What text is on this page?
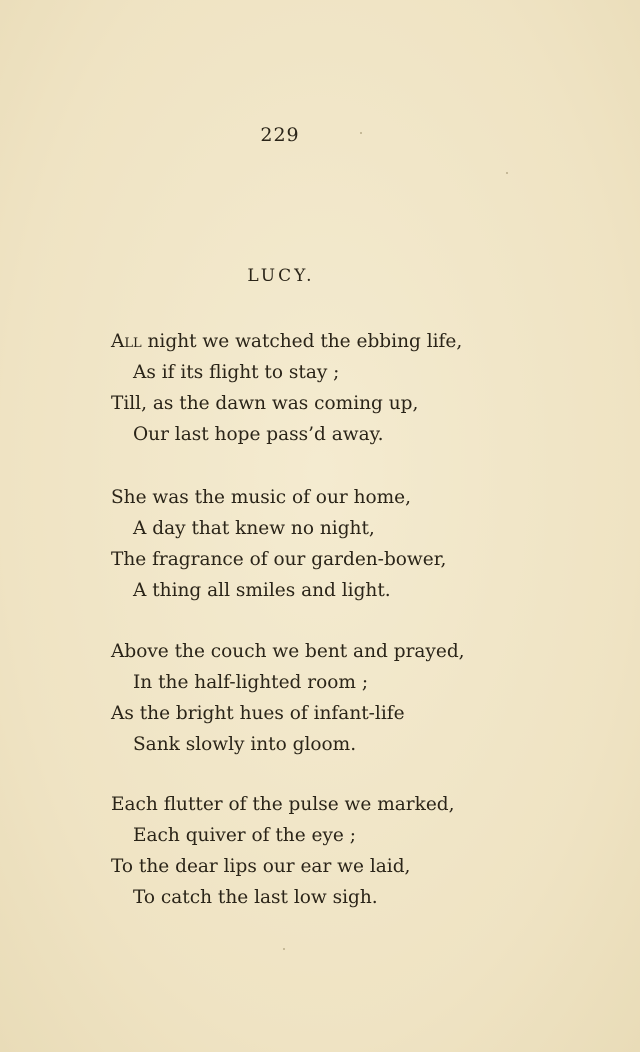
229
LUCY.
All night we watched the ebbing life,
As if its flight to stay ;
Till, as the dawn was coming up,
Our last hope pass’d away.
She was the music of our home,
A day that knew no night,
The fragrance of our garden-bower,
A thing all smiles and light.
Above the couch we bent and prayed,
In the half-lighted room ;
As the bright hues of infant-life
Sank slowly into gloom.
Each flutter of the pulse we marked,
Each quiver of the eye ;
To the dear lips our ear we laid,
To catch the last low sigh.
